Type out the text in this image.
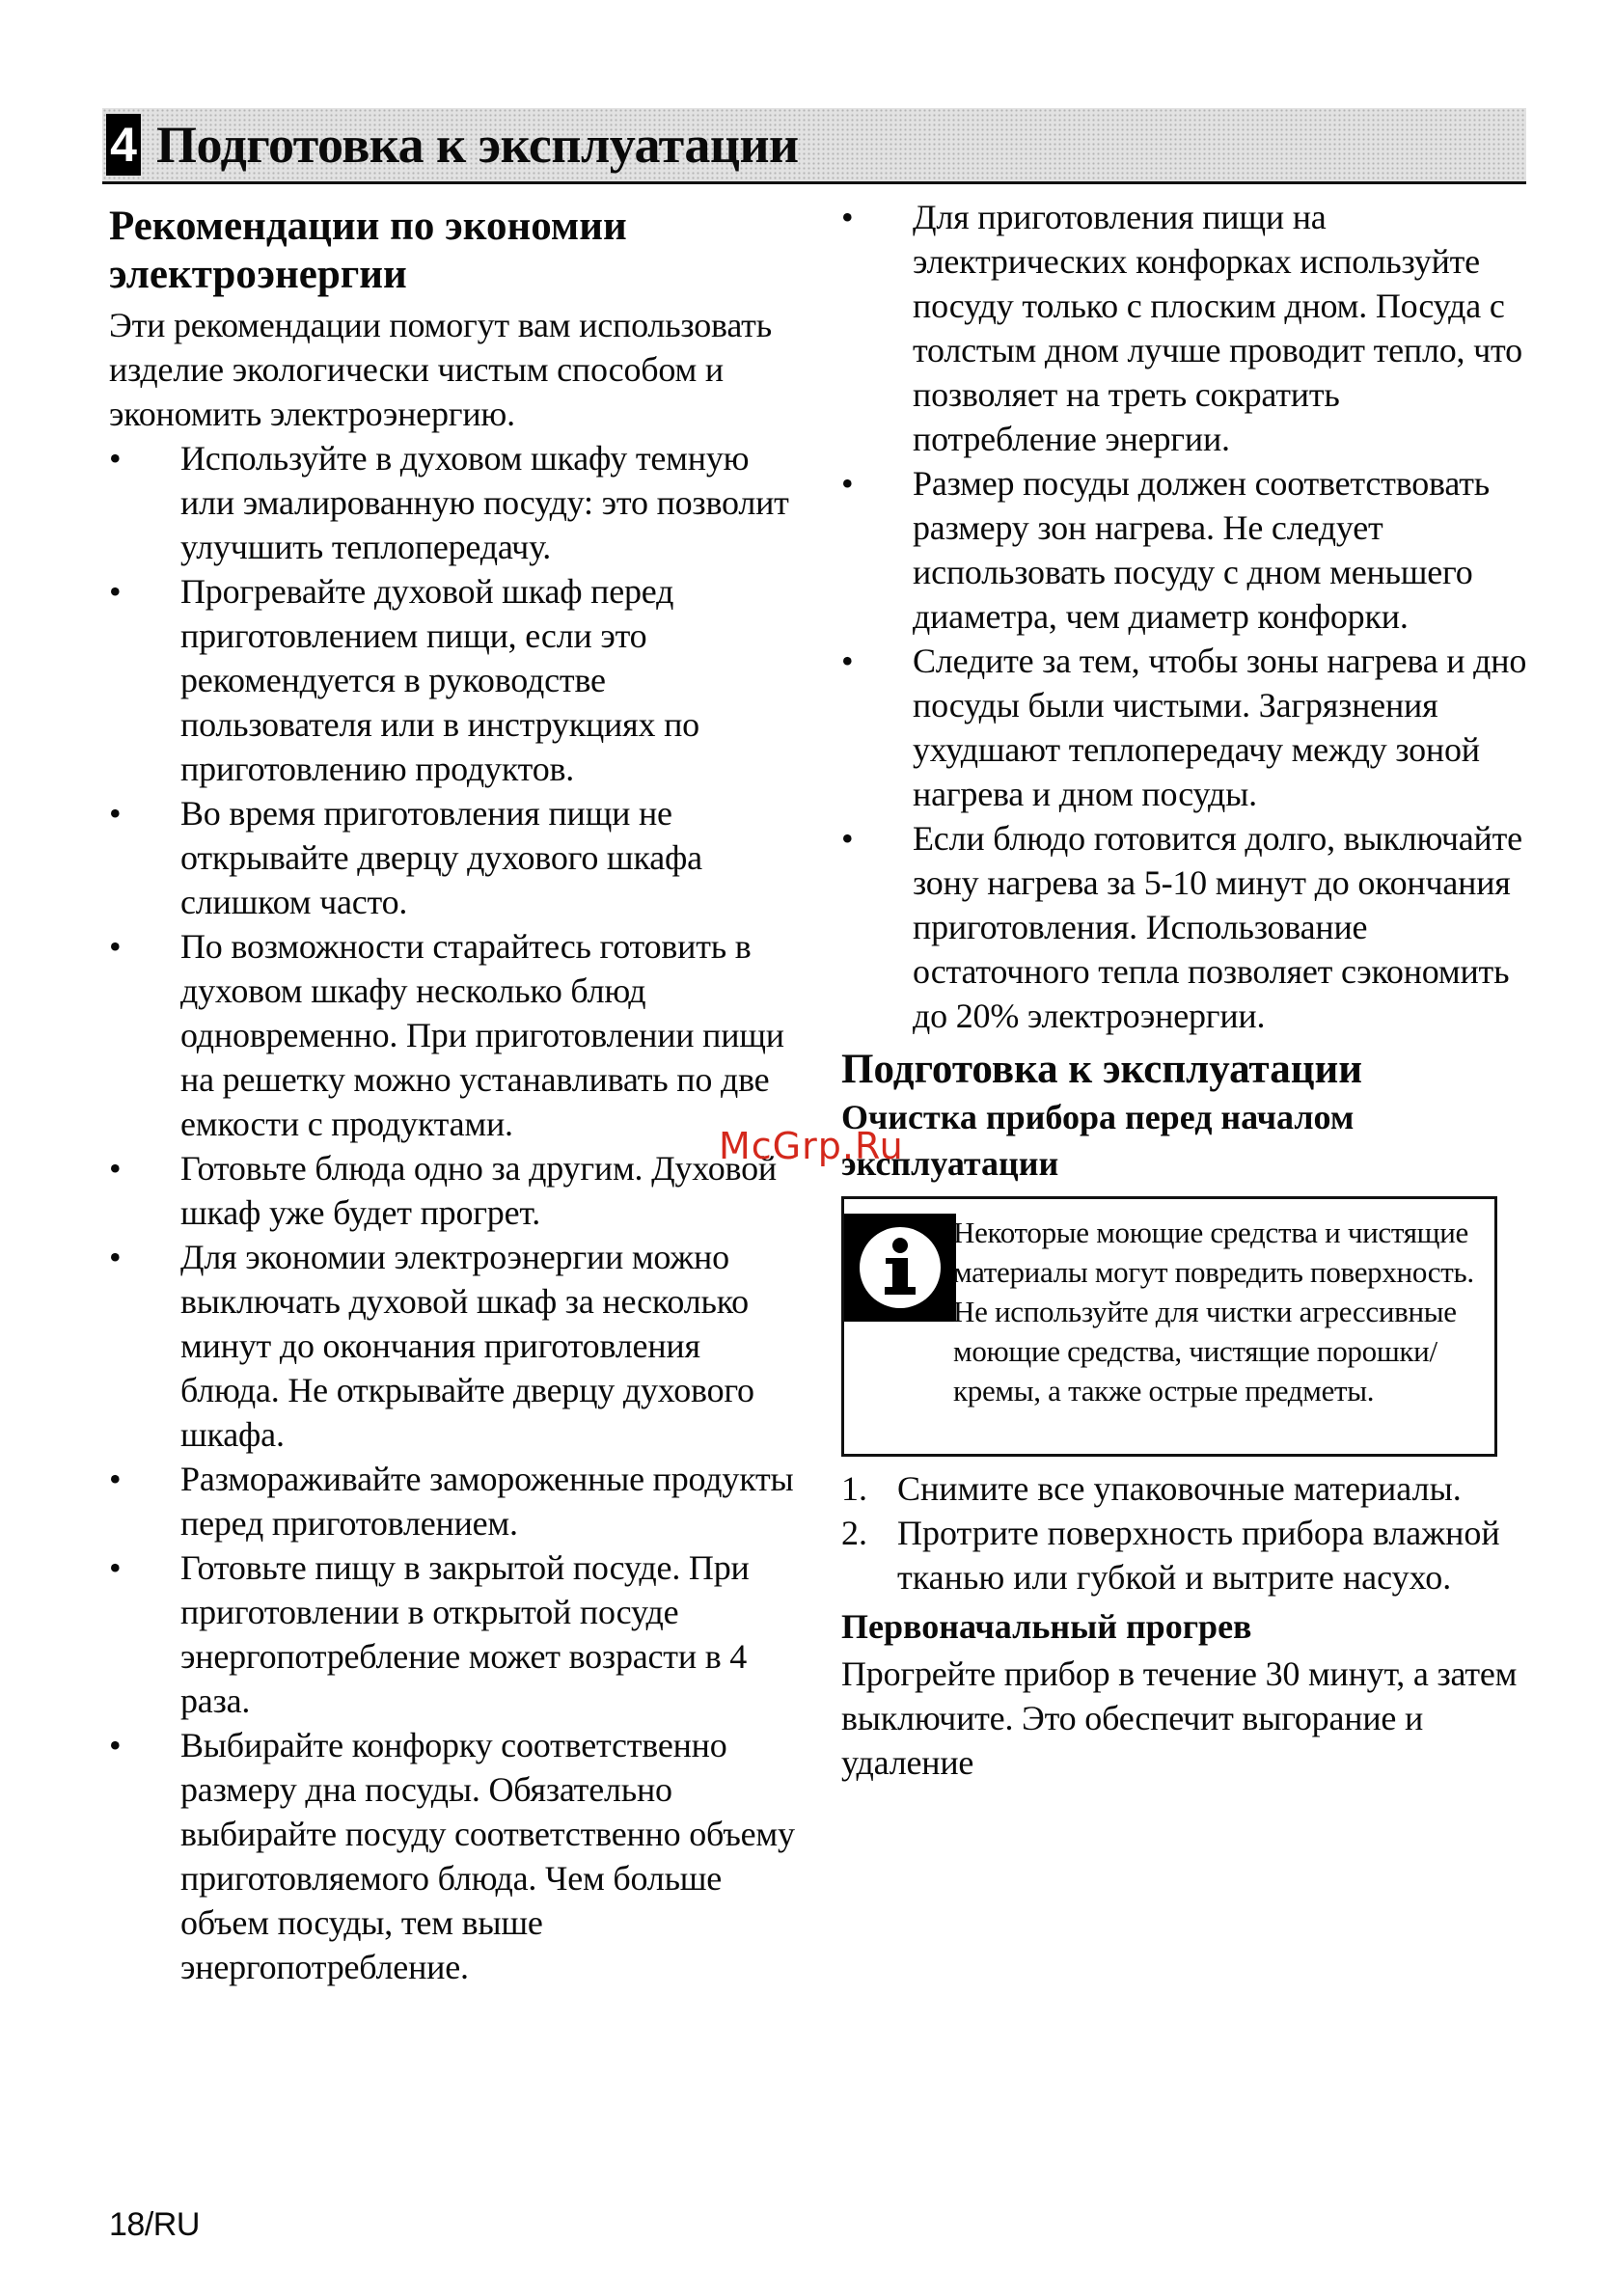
4 Подготовка к эксплуатации
Рекомендации по экономии электроэнергии

Эти рекомендации помогут вам использовать изделие экологически чистым способом и экономить электроэнергию.

• Используйте в духовом шкафу темную или эмалированную посуду: это позволит улучшить теплопередачу.
• Прогревайте духовой шкаф перед приготовлением пищи, если это рекомендуется в руководстве пользователя или в инструкциях по приготовлению продуктов.
• Во время приготовления пищи не открывайте дверцу духового шкафа слишком часто.
• По возможности старайтесь готовить в духовом шкафу несколько блюд одновременно. При приготовлении пищи на решетку можно устанавливать по две емкости с продуктами.
• Готовьте блюда одно за другим. Духовой шкаф уже будет прогрет.
• Для экономии электроэнергии можно выключать духовой шкаф за несколько минут до окончания приготовления блюда. Не открывайте дверцу духового шкафа.
• Размораживайте замороженные продукты перед приготовлением.
• Готовьте пищу в закрытой посуде. При приготовлении в открытой посуде энергопотребление может возрасти в 4 раза.
• Выбирайте конфорку соответственно размеру дна посуды. Обязательно выбирайте посуду соответственно объему приготовляемого блюда. Чем больше объем посуды, тем выше энергопотребление.
• Для приготовления пищи на электрических конфорках используйте посуду только с плоским дном. Посуда с толстым дном лучше проводит тепло, что позволяет на треть сократить потребление энергии.
• Размер посуды должен соответствовать размеру зон нагрева. Не следует использовать посуду с дном меньшего диаметра, чем диаметр конфорки.
• Следите за тем, чтобы зоны нагрева и дно посуды были чистыми. Загрязнения ухудшают теплопередачу между зоной нагрева и дном посуды.
• Если блюдо готовится долго, выключайте зону нагрева за 5-10 минут до окончания приготовления. Использование остаточного тепла позволяет сэкономить до 20% электроэнергии.
Подготовка к эксплуатации
Очистка прибора перед началом эксплуатации
Некоторые моющие средства и чистящие материалы могут повредить поверхность. Не используйте для чистки агрессивные моющие средства, чистящие порошки/кремы, а также острые предметы.
1. Снимите все упаковочные материалы.
2. Протрите поверхность прибора влажной тканью или губкой и вытрите насухо.
Первоначальный прогрев

Прогрейте прибор в течение 30 минут, а затем выключите. Это обеспечит выгорание и удаление

McGrp.Ru
18/RU
